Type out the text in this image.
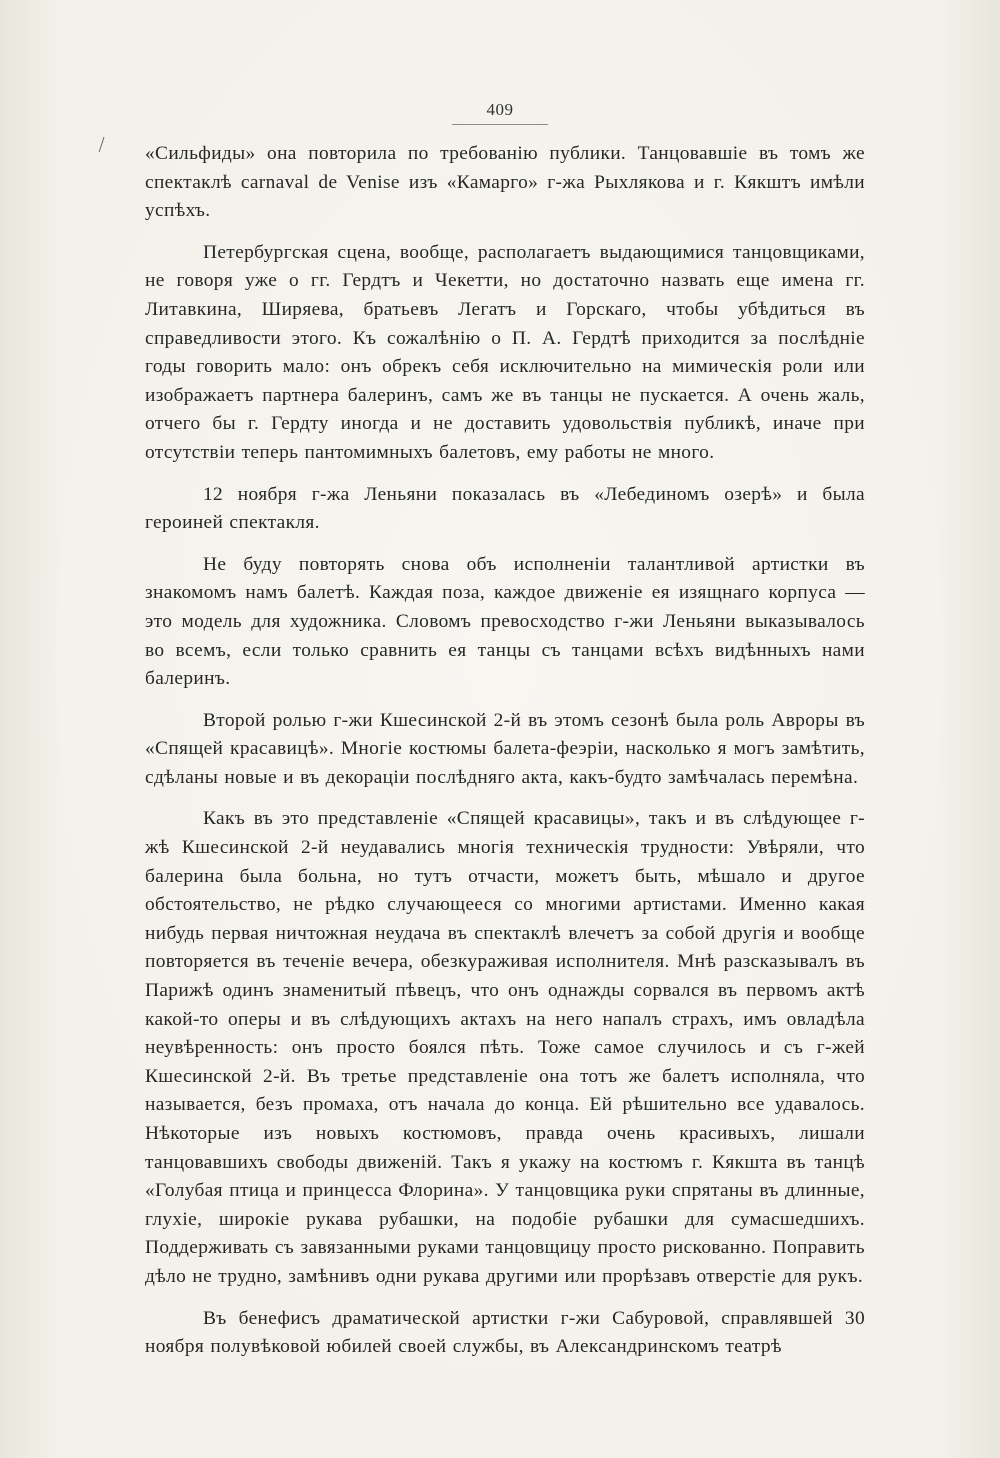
409

«Сильфиды» она повторила по требованію публики. Танцовавшіе въ томъ же спектаклѣ carnaval de Venise изъ «Камарго» г-жа Рыхлякова и г. Кякштъ имѣли успѣхъ.

Петербургская сцена, вообще, располагаетъ выдающимися танцовщиками, не говоря уже о гг. Гердтъ и Чекетти, но достаточно назвать еще имена гг. Литавкина, Ширяева, братьевъ Легатъ и Горскаго, чтобы убѣдиться въ справедливости этого. Къ сожалѣнію о П. А. Гердтѣ приходится за послѣдніе годы говорить мало: онъ обрекъ себя исключительно на мимическія роли или изображаетъ партнера балеринъ, самъ же въ танцы не пускается. А очень жаль, отчего бы г. Гердту иногда и не доставить удовольствія публикѣ, иначе при отсутствіи теперь пантомимныхъ балетовъ, ему работы не много.

12 ноября г-жа Леньяни показалась въ «Лебединомъ озерѣ» и была героиней спектакля.

Не буду повторять снова объ исполненіи талантливой артистки въ знакомомъ намъ балетѣ. Каждая поза, каждое движеніе ея изящнаго корпуса — это модель для художника. Словомъ превосходство г-жи Леньяни выказывалось во всемъ, если только сравнить ея танцы съ танцами всѣхъ видѣнныхъ нами балеринъ.

Второй ролью г-жи Кшесинской 2-й въ этомъ сезонѣ была роль Авроры въ «Спящей красавицѣ». Многіе костюмы балета-феэріи, насколько я могъ замѣтить, сдѣланы новые и въ декораціи послѣдняго акта, какъ-будто замѣчалась перемѣна.

Какъ въ это представленіе «Спящей красавицы», такъ и въ слѣдующее г-жѣ Кшесинской 2-й неудавались многія техническія трудности: Увѣряли, что балерина была больна, но тутъ отчасти, можетъ быть, мѣшало и другое обстоятельство, не рѣдко случающееся со многими артистами. Именно какая нибудь первая ничтожная неудача въ спектаклѣ влечетъ за собой другія и вообще повторяется въ теченіе вечера, обезкураживая исполнителя. Мнѣ разсказывалъ въ Парижѣ одинъ знаменитый пѣвецъ, что онъ однажды сорвался въ первомъ актѣ какой-то оперы и въ слѣдующихъ актахъ на него напалъ страхъ, имъ овладѣла неувѣренность: онъ просто боялся пѣть. Тоже самое случилось и съ г-жей Кшесинской 2-й. Въ третье представленіе она тотъ же балетъ исполняла, что называется, безъ промаха, отъ начала до конца. Ей рѣшительно все удавалось. Нѣкоторые изъ новыхъ костюмовъ, правда очень красивыхъ, лишали танцовавшихъ свободы движеній. Такъ я укажу на костюмъ г. Кякшта въ танцѣ «Голубая птица и принцесса Флорина». У танцовщика руки спрятаны въ длинные, глухіе, широкіе рукава рубашки, на подобіе рубашки для сумасшедшихъ. Поддерживать съ завязанными руками танцовщицу просто рискованно. Поправить дѣло не трудно, замѣнивъ одни рукава другими или прорѣзавъ отверстіе для рукъ.

Въ бенефисъ драматической артистки г-жи Сабуровой, справлявшей 30 ноября полувѣковой юбилей своей службы, въ Александринскомъ театрѣ
